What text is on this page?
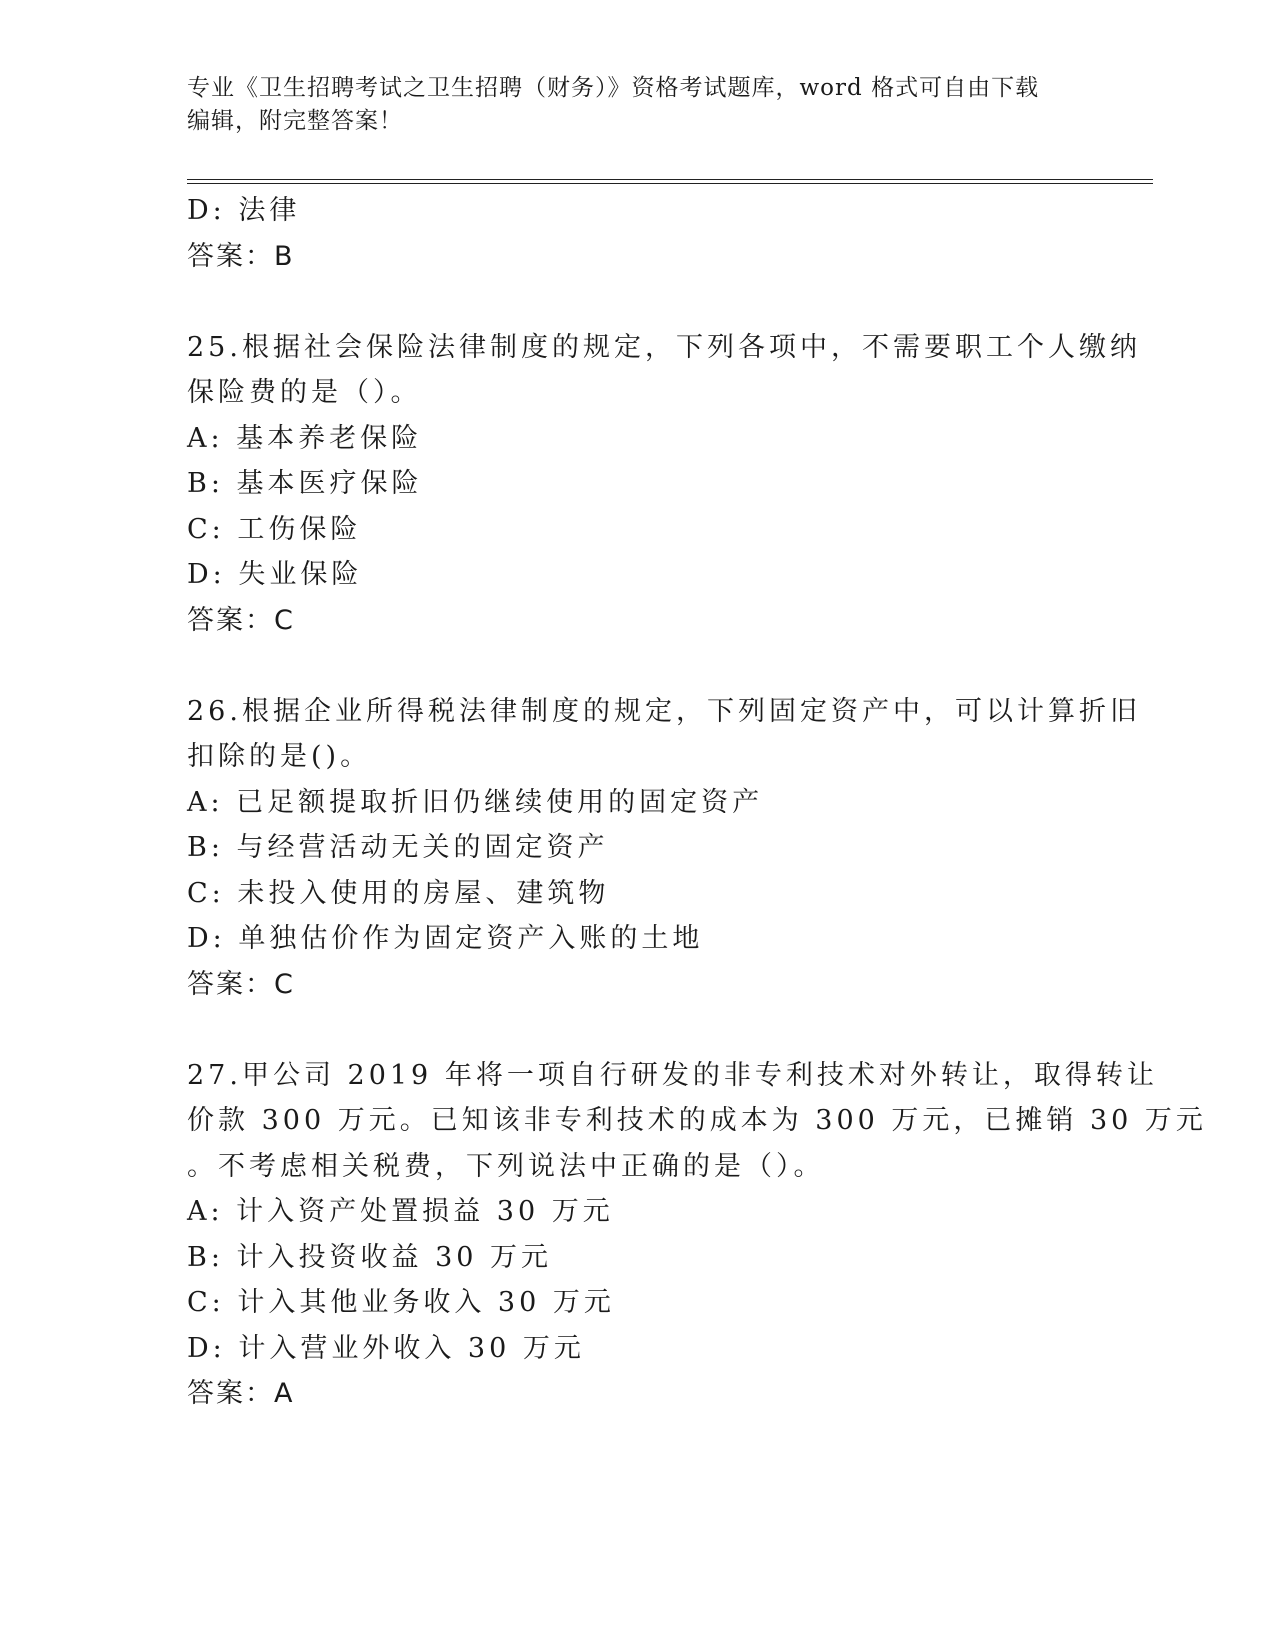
专业《卫生招聘考试之卫生招聘（财务）》资格考试题库，word 格式可自由下载
编辑，附完整答案！
D: 法律
答案：B
25.根据社会保险法律制度的规定，下列各项中，不需要职工个人缴纳
保险费的是（）。
A: 基本养老保险
B: 基本医疗保险
C: 工伤保险
D: 失业保险
答案：C
26.根据企业所得税法律制度的规定，下列固定资产中，可以计算折旧
扣除的是()。
A: 已足额提取折旧仍继续使用的固定资产
B: 与经营活动无关的固定资产
C: 未投入使用的房屋、建筑物
D: 单独估价作为固定资产入账的土地
答案：C
27.甲公司 2019 年将一项自行研发的非专利技术对外转让，取得转让
价款 300 万元。已知该非专利技术的成本为 300 万元，已摊销 30 万元
。不考虑相关税费，下列说法中正确的是（）。
A: 计入资产处置损益 30 万元
B: 计入投资收益 30 万元
C: 计入其他业务收入 30 万元
D: 计入营业外收入 30 万元
答案：A
